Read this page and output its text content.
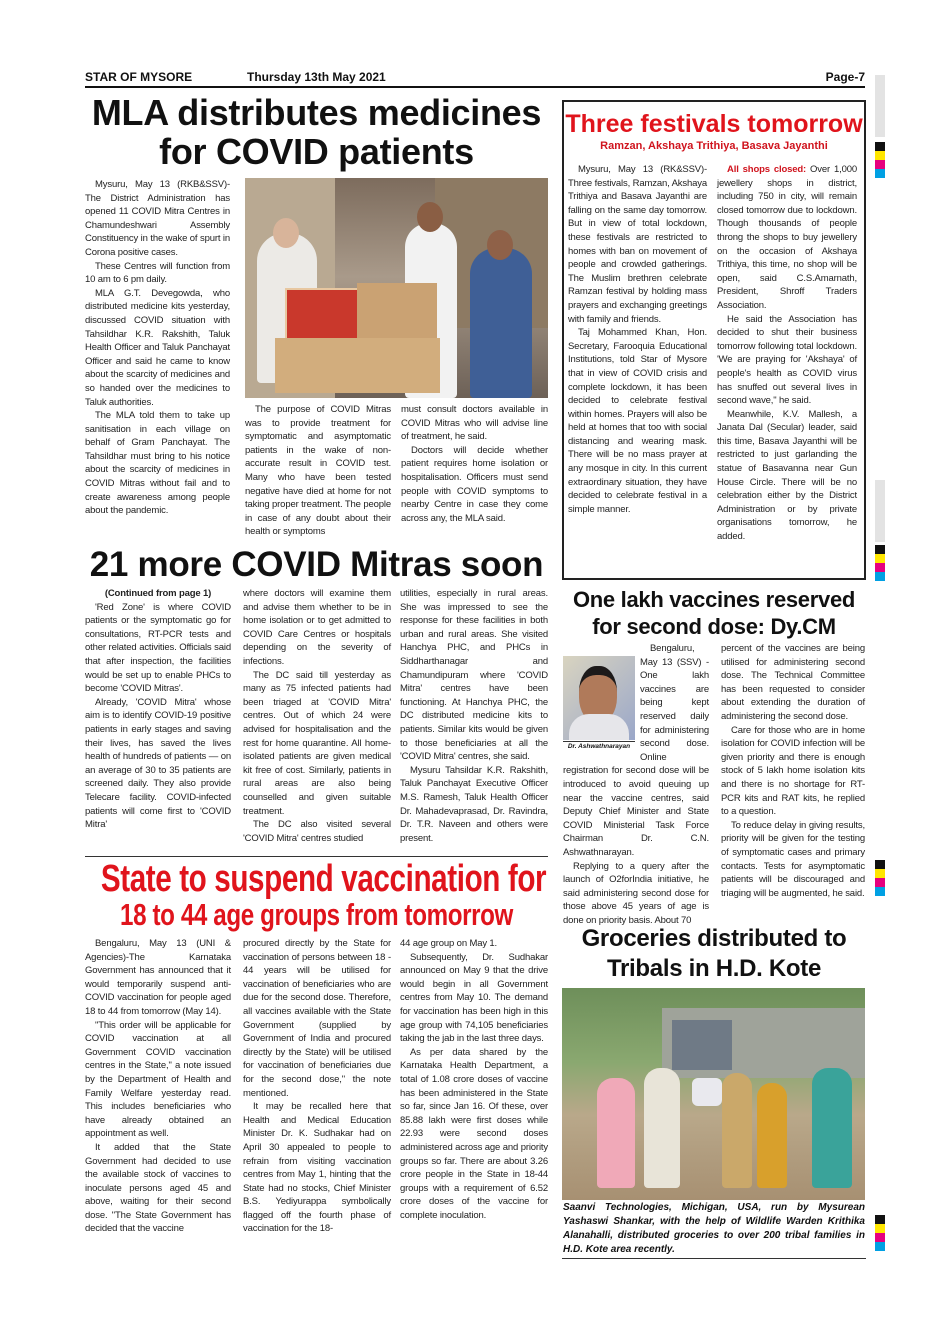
STAR OF MYSORE	Thursday 13th May 2021	Page-7
MLA distributes medicines
for COVID patients

Mysuru, May 13 (RKB&SSV)-The District Administration has opened 11 COVID Mitra Centres in Chamundeshwari Assembly Constituency in the wake of spurt in Corona positive cases.

These Centres will function from 10 am to 6 pm daily.

MLA G.T. Devegowda, who distributed medicine kits yesterday, discussed COVID situation with Tahsildhar K.R. Rakshith, Taluk Health Officer and Taluk Panchayat Officer and said he came to know about the scarcity of medicines and so handed over the medicines to Taluk authorities.

The MLA told them to take up sanitisation in each village on behalf of Gram Panchayat. The Tahsildhar must bring to his notice about the scarcity of medicines in COVID Mitras without fail and to create awareness among people about the pandemic.

The purpose of COVID Mitras was to provide treatment for symptomatic and asymptomatic patients in the wake of non-accurate result in COVID test. Many who have been tested negative have died at home for not taking proper treatment. The people in case of any doubt about their health or symptoms

must consult doctors available in COVID Mitras who will advise line of treatment, he said.

Doctors will decide whether patient requires home isolation or hospitalisation. Officers must send people with COVID symptoms to nearby Centre in case they come across any, the MLA said.

21 more COVID Mitras soon
(Continued from page 1)

'Red Zone' is where COVID patients or the symptomatic go for consultations, RT-PCR tests and other related activities. Officials said that after inspection, the facilities would be set up to enable PHCs to become 'COVID Mitras'.

Already, 'COVID Mitra' whose aim is to identify COVID-19 positive patients in early stages and saving their lives, has saved the lives health of hundreds of patients — on an average of 30 to 35 patients are screened daily. They also provide Telecare facility. COVID-infected patients will come first to 'COVID Mitra'

where doctors will examine them and advise them whether to be in home isolation or to get admitted to COVID Care Centres or hospitals depending on the severity of infections.

The DC said till yesterday as many as 75 infected patients had been triaged at 'COVID Mitra' centres. Out of which 24 were advised for hospitalisation and the rest for home quarantine. All home-isolated patients are given medical kit free of cost. Similarly, patients in rural areas are also being counselled and given suitable treatment.

The DC also visited several 'COVID Mitra' centres studied

utilities, especially in rural areas. She was impressed to see the response for these facilities in both urban and rural areas. She visited Hanchya PHC, and PHCs in Siddharthanagar and Chamundipuram where 'COVID Mitra' centres have been functioning. At Hanchya PHC, the DC distributed medicine kits to patients. Similar kits would be given to those beneficiaries at all the 'COVID Mitra' centres, she said.

Mysuru Tahsildar K.R. Rakshith, Taluk Panchayat Executive Officer M.S. Ramesh, Taluk Health Officer Dr. Mahadevaprasad, Dr. Ravindra, Dr. T.R. Naveen and others were present.

State to suspend vaccination for
18 to 44 age groups from tomorrow

Bengaluru, May 13 (UNI & Agencies)-The Karnataka Government has announced that it would temporarily suspend anti-COVID vaccination for people aged 18 to 44 from tomorrow (May 14).

"This order will be applicable for COVID vaccination at all Government COVID vaccination centres in the State," a note issued by the Department of Health and Family Welfare yesterday read. This includes beneficiaries who have already obtained an appointment as well.

It added that the State Government had decided to use the available stock of vaccines to inoculate persons aged 45 and above, waiting for their second dose. "The State Government has decided that the vaccine

procured directly by the State for vaccination of persons between 18 - 44 years will be utilised for vaccination of beneficiaries who are due for the second dose. Therefore, all vaccines available with the State Government (supplied by Government of India and procured directly by the State) will be utilised for vaccination of beneficiaries due for the second dose," the note mentioned.

It may be recalled here that Health and Medical Education Minister Dr. K. Sudhakar had on April 30 appealed to people to refrain from visiting vaccination centres from May 1, hinting that the State had no stocks, Chief Minister B.S. Yediyurappa symbolically flagged off the fourth phase of vaccination for the 18-

44 age group on May 1.

Subsequently, Dr. Sudhakar announced on May 9 that the drive would begin in all Government centres from May 10. The demand for vaccination has been high in this age group with 74,105 beneficiaries taking the jab in the last three days.

As per data shared by the Karnataka Health Department, a total of 1.08 crore doses of vaccine has been administered in the State so far, since Jan 16. Of these, over 85.88 lakh were first doses while 22.93 were second doses administered across age and priority groups so far. There are about 3.26 crore people in the State in 18-44 groups with a requirement of 6.52 crore doses of the vaccine for complete inoculation.

Three festivals tomorrow
Ramzan, Akshaya Trithiya, Basava Jayanthi

Mysuru, May 13 (RK&SSV)-Three festivals, Ramzan, Akshaya Trithiya and Basava Jayanthi are falling on the same day tomorrow. But in view of total lockdown, these festivals are restricted to homes with ban on movement of people and crowded gatherings. The Muslim brethren celebrate Ramzan festival by holding mass prayers and exchanging greetings with family and friends.

Taj Mohammed Khan, Hon. Secretary, Farooquia Educational Institutions, told Star of Mysore that in view of COVID crisis and complete lockdown, it has been decided to celebrate festival within homes. Prayers will also be held at homes that too with social distancing and wearing mask. There will be no mass prayer at any mosque in city. In this current extraordinary situation, they have decided to celebrate festival in a simple manner.

All shops closed: Over 1,000 jewellery shops in district, including 750 in city, will remain closed tomorrow due to lockdown. Though thousands of people throng the shops to buy jewellery on the occasion of Akshaya Trithiya, this time, no shop will be open, said C.S.Amarnath, President, Shroff Traders Association.

He said the Association has decided to shut their business tomorrow following total lockdown. 'We are praying for 'Akshaya' of people's health as COVID virus has snuffed out several lives in second wave," he said.

Meanwhile, K.V. Mallesh, a Janata Dal (Secular) leader, said this time, Basava Jayanthi will be restricted to just garlanding the statue of Basavanna near Gun House Circle. There will be no celebration either by the District Administration or by private organisations tomorrow, he added.

One lakh vaccines reserved
for second dose: Dy.CM
Dr. Ashwathnarayan

Bengaluru, May 13 (SSV) - One lakh vaccines are being kept reserved daily for administering second dose. Online registration for second dose will be introduced to avoid queuing up near the vaccine centres, said Deputy Chief Minister and State COVID Ministerial Task Force Chairman Dr. C.N. Ashwathnarayan.

Replying to a query after the launch of O2forIndia initiative, he said administering second dose for those above 45 years of age is done on priority basis. About 70

percent of the vaccines are being utilised for administering second dose. The Technical Committee has been requested to consider about extending the duration of administering the second dose.

Care for those who are in home isolation for COVID infection will be given priority and there is enough stock of 5 lakh home isolation kits and there is no shortage for RT-PCR kits and RAT kits, he replied to a question.

To reduce delay in giving results, priority will be given for the testing of symptomatic cases and primary contacts. Tests for asymptomatic patients will be discouraged and triaging will be augmented, he said.

Groceries distributed to
Tribals in H.D. Kote
Saanvi Technologies, Michigan, USA, run by Mysurean Yashaswi Shankar, with the help of Wildlife Warden Krithika Alanahalli, distributed groceries to over 200 tribal families in H.D. Kote area recently.
